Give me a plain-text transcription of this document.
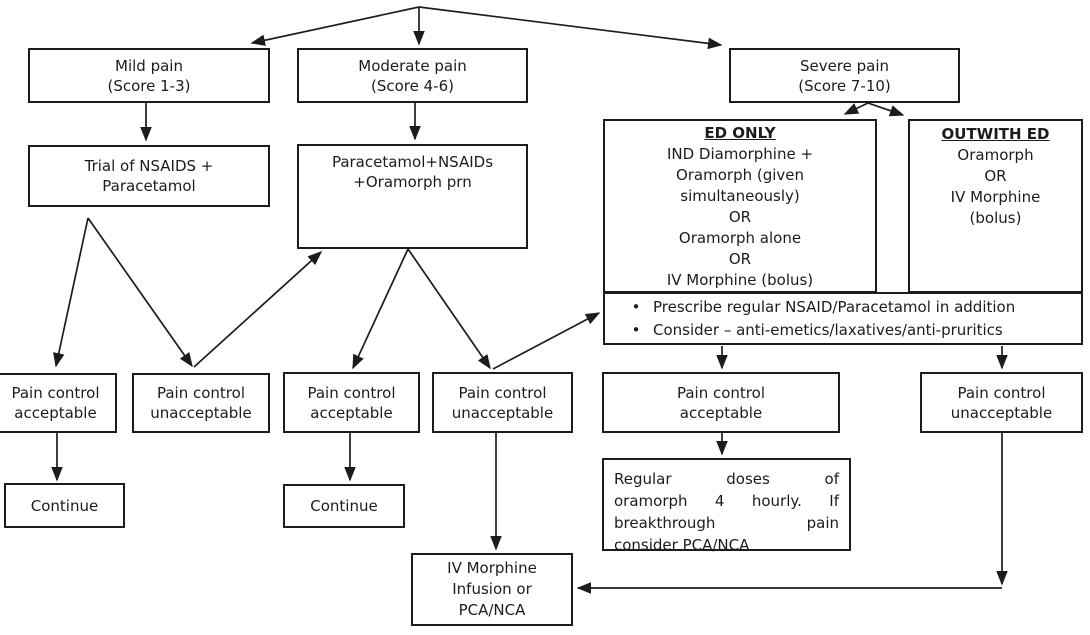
Mild pain
(Score 1-3)
Moderate pain
(Score 4-6)
Severe pain
(Score 7-10)
Trial of NSAIDS +
Paracetamol
Paracetamol+NSAIDs
+Oramorph prn
ED ONLY
IND Diamorphine +
Oramorph (given
simultaneously)
OR
Oramorph alone
OR
IV Morphine (bolus)
OUTWITH ED
Oramorph
OR
IV Morphine
(bolus)
• Prescribe regular NSAID/Paracetamol in addition
• Consider – anti-emetics/laxatives/anti-pruritics
Pain control
acceptable
Pain control
unacceptable
Pain control
acceptable
Pain control
unacceptable
Pain control
acceptable
Pain control
unacceptable
Continue	Continue
Regular doses of
oramorph 4 hourly. If
breakthrough pain
consider PCA/NCA
IV Morphine
Infusion or
PCA/NCA
